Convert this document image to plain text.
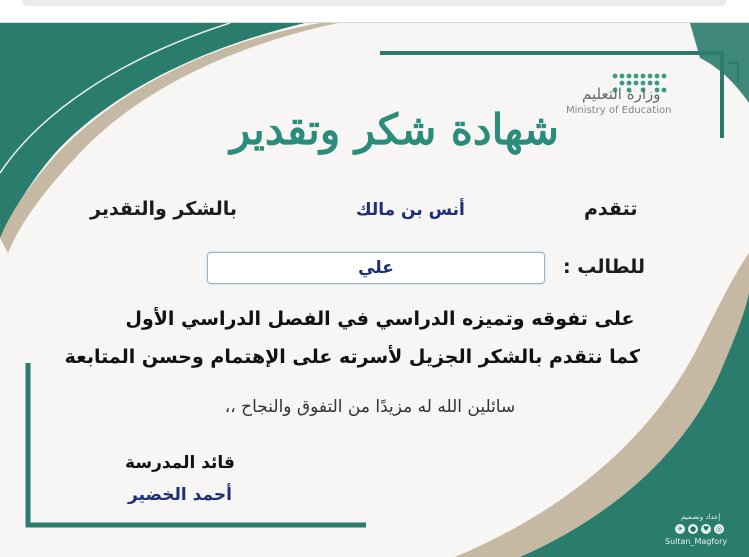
شهادة شكر وتقدير
وزارة التعليم
Ministry of Education
تتقدم
أنس بن مالك
بالشكر والتقدير
للطالب :
علي
على تفوقه وتميزه الدراسي في الفصل الدراسي الأول
كما نتقدم بالشكر الجزيل لأسرته على الإهتمام وحسن المتابعة
سائلين الله له مزيدًا من التفوق والنجاح ،،
قائد المدرسة
أحمد الخضير
إعداد وتصميم
✈ ● ♥ ◎
Sultan_Magfory
